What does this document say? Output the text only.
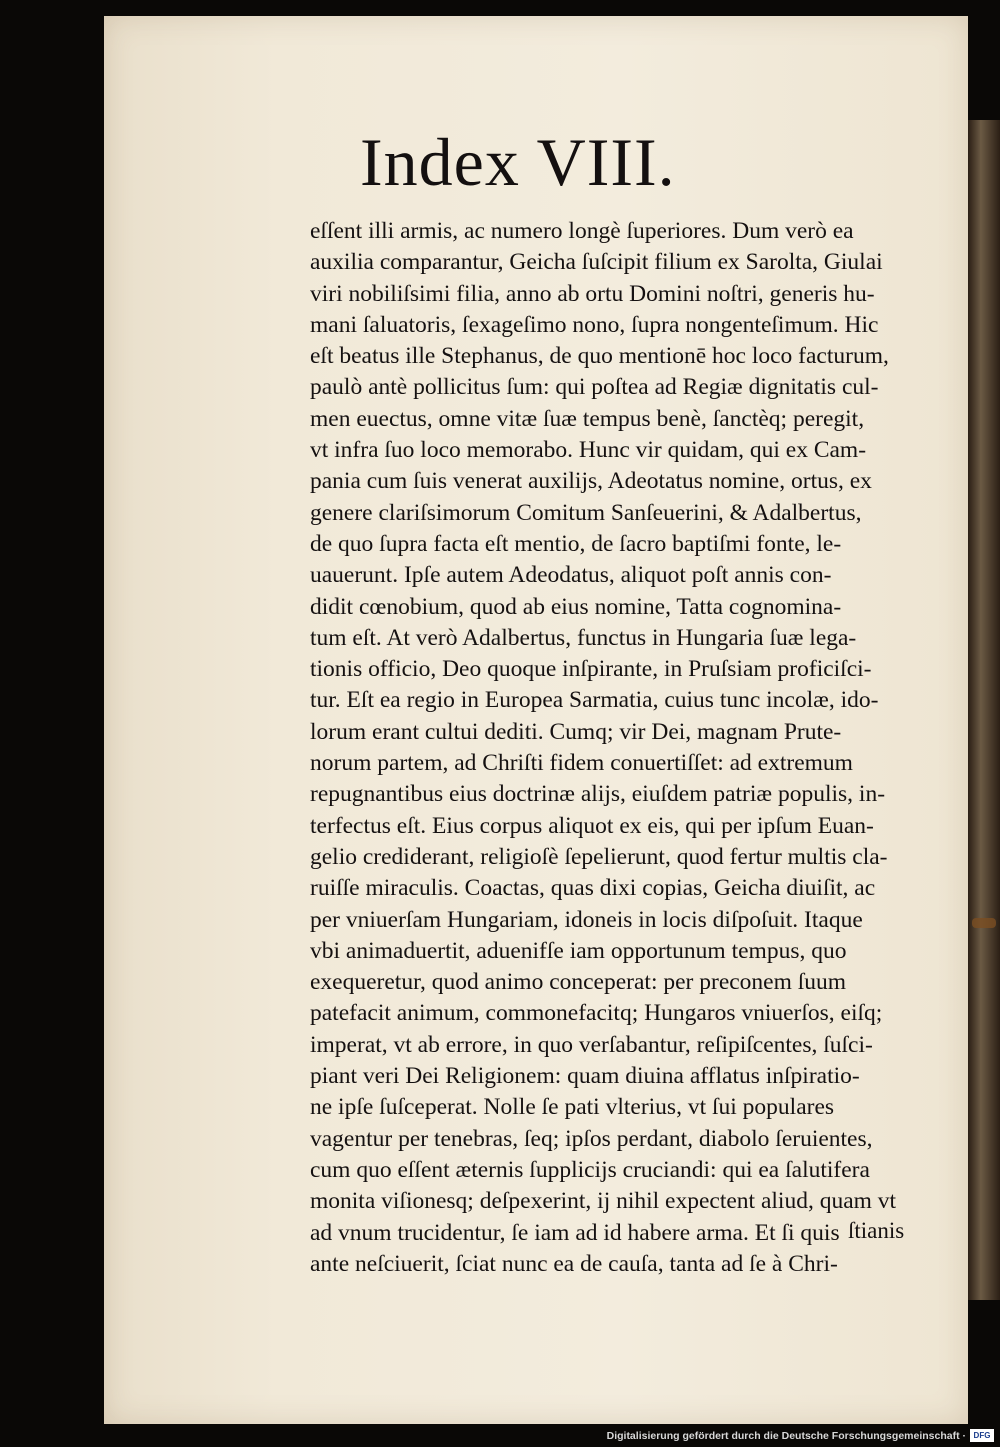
Index VIII.

eſſent illi armis, ac numero longè ſuperiores. Dum verò ea
auxilia comparantur, Geicha ſuſcipit filium ex Sarolta, Giulai
viri nobiliſsimi filia, anno ab ortu Domini noſtri, generis hu-
mani ſaluatoris, ſexageſimo nono, ſupra nongenteſimum. Hic
eſt beatus ille Stephanus, de quo mentionē hoc loco facturum,
paulò antè pollicitus ſum: qui poſtea ad Regiæ dignitatis cul-
men euectus, omne vitæ ſuæ tempus benè, ſanctèq; peregit,
vt infra ſuo loco memorabo. Hunc vir quidam, qui ex Cam-
pania cum ſuis venerat auxilijs, Adeotatus nomine, ortus, ex
genere clariſsimorum Comitum Sanſeuerini, & Adalbertus,
de quo ſupra facta eſt mentio, de ſacro baptiſmi fonte, le-
uauerunt. Ipſe autem Adeodatus, aliquot poſt annis con-
didit cœnobium, quod ab eius nomine, Tatta cognomina-
tum eſt. At verò Adalbertus, functus in Hungaria ſuæ lega-
tionis officio, Deo quoque inſpirante, in Pruſsiam proficiſci-
tur. Eſt ea regio in Europea Sarmatia, cuius tunc incolæ, ido-
lorum erant cultui dediti. Cumq; vir Dei, magnam Prute-
norum partem, ad Chriſti fidem conuertiſſet: ad extremum
repugnantibus eius doctrinæ alijs, eiuſdem patriæ populis, in-
terfectus eſt. Eius corpus aliquot ex eis, qui per ipſum Euan-
gelio crediderant, religioſè ſepelierunt, quod fertur multis cla-
ruiſſe miraculis. Coactas, quas dixi copias, Geicha diuiſit, ac
per vniuerſam Hungariam, idoneis in locis diſpoſuit. Itaque
vbi animaduertit, aduenifſe iam opportunum tempus, quo
exequeretur, quod animo conceperat: per preconem ſuum
patefacit animum, commonefacitq; Hungaros vniuerſos, eiſq;
imperat, vt ab errore, in quo verſabantur, reſipiſcentes, ſuſci-
piant veri Dei Religionem: quam diuina afflatus inſpiratio-
ne ipſe ſuſceperat. Nolle ſe pati vlterius, vt ſui populares
vagentur per tenebras, ſeq; ipſos perdant, diabolo ſeruientes,
cum quo eſſent æternis ſupplicijs cruciandi: qui ea ſalutifera
monita viſionesq; deſpexerint, ij nihil expectent aliud, quam vt
ad vnum trucidentur, ſe iam ad id habere arma. Et ſi quis
ante neſciuerit, ſciat nunc ea de cauſa, tanta ad ſe à Chri-
ſtianis
Digitalisierung gefördert durch die Deutsche Forschungsgemeinschaft · DFG
